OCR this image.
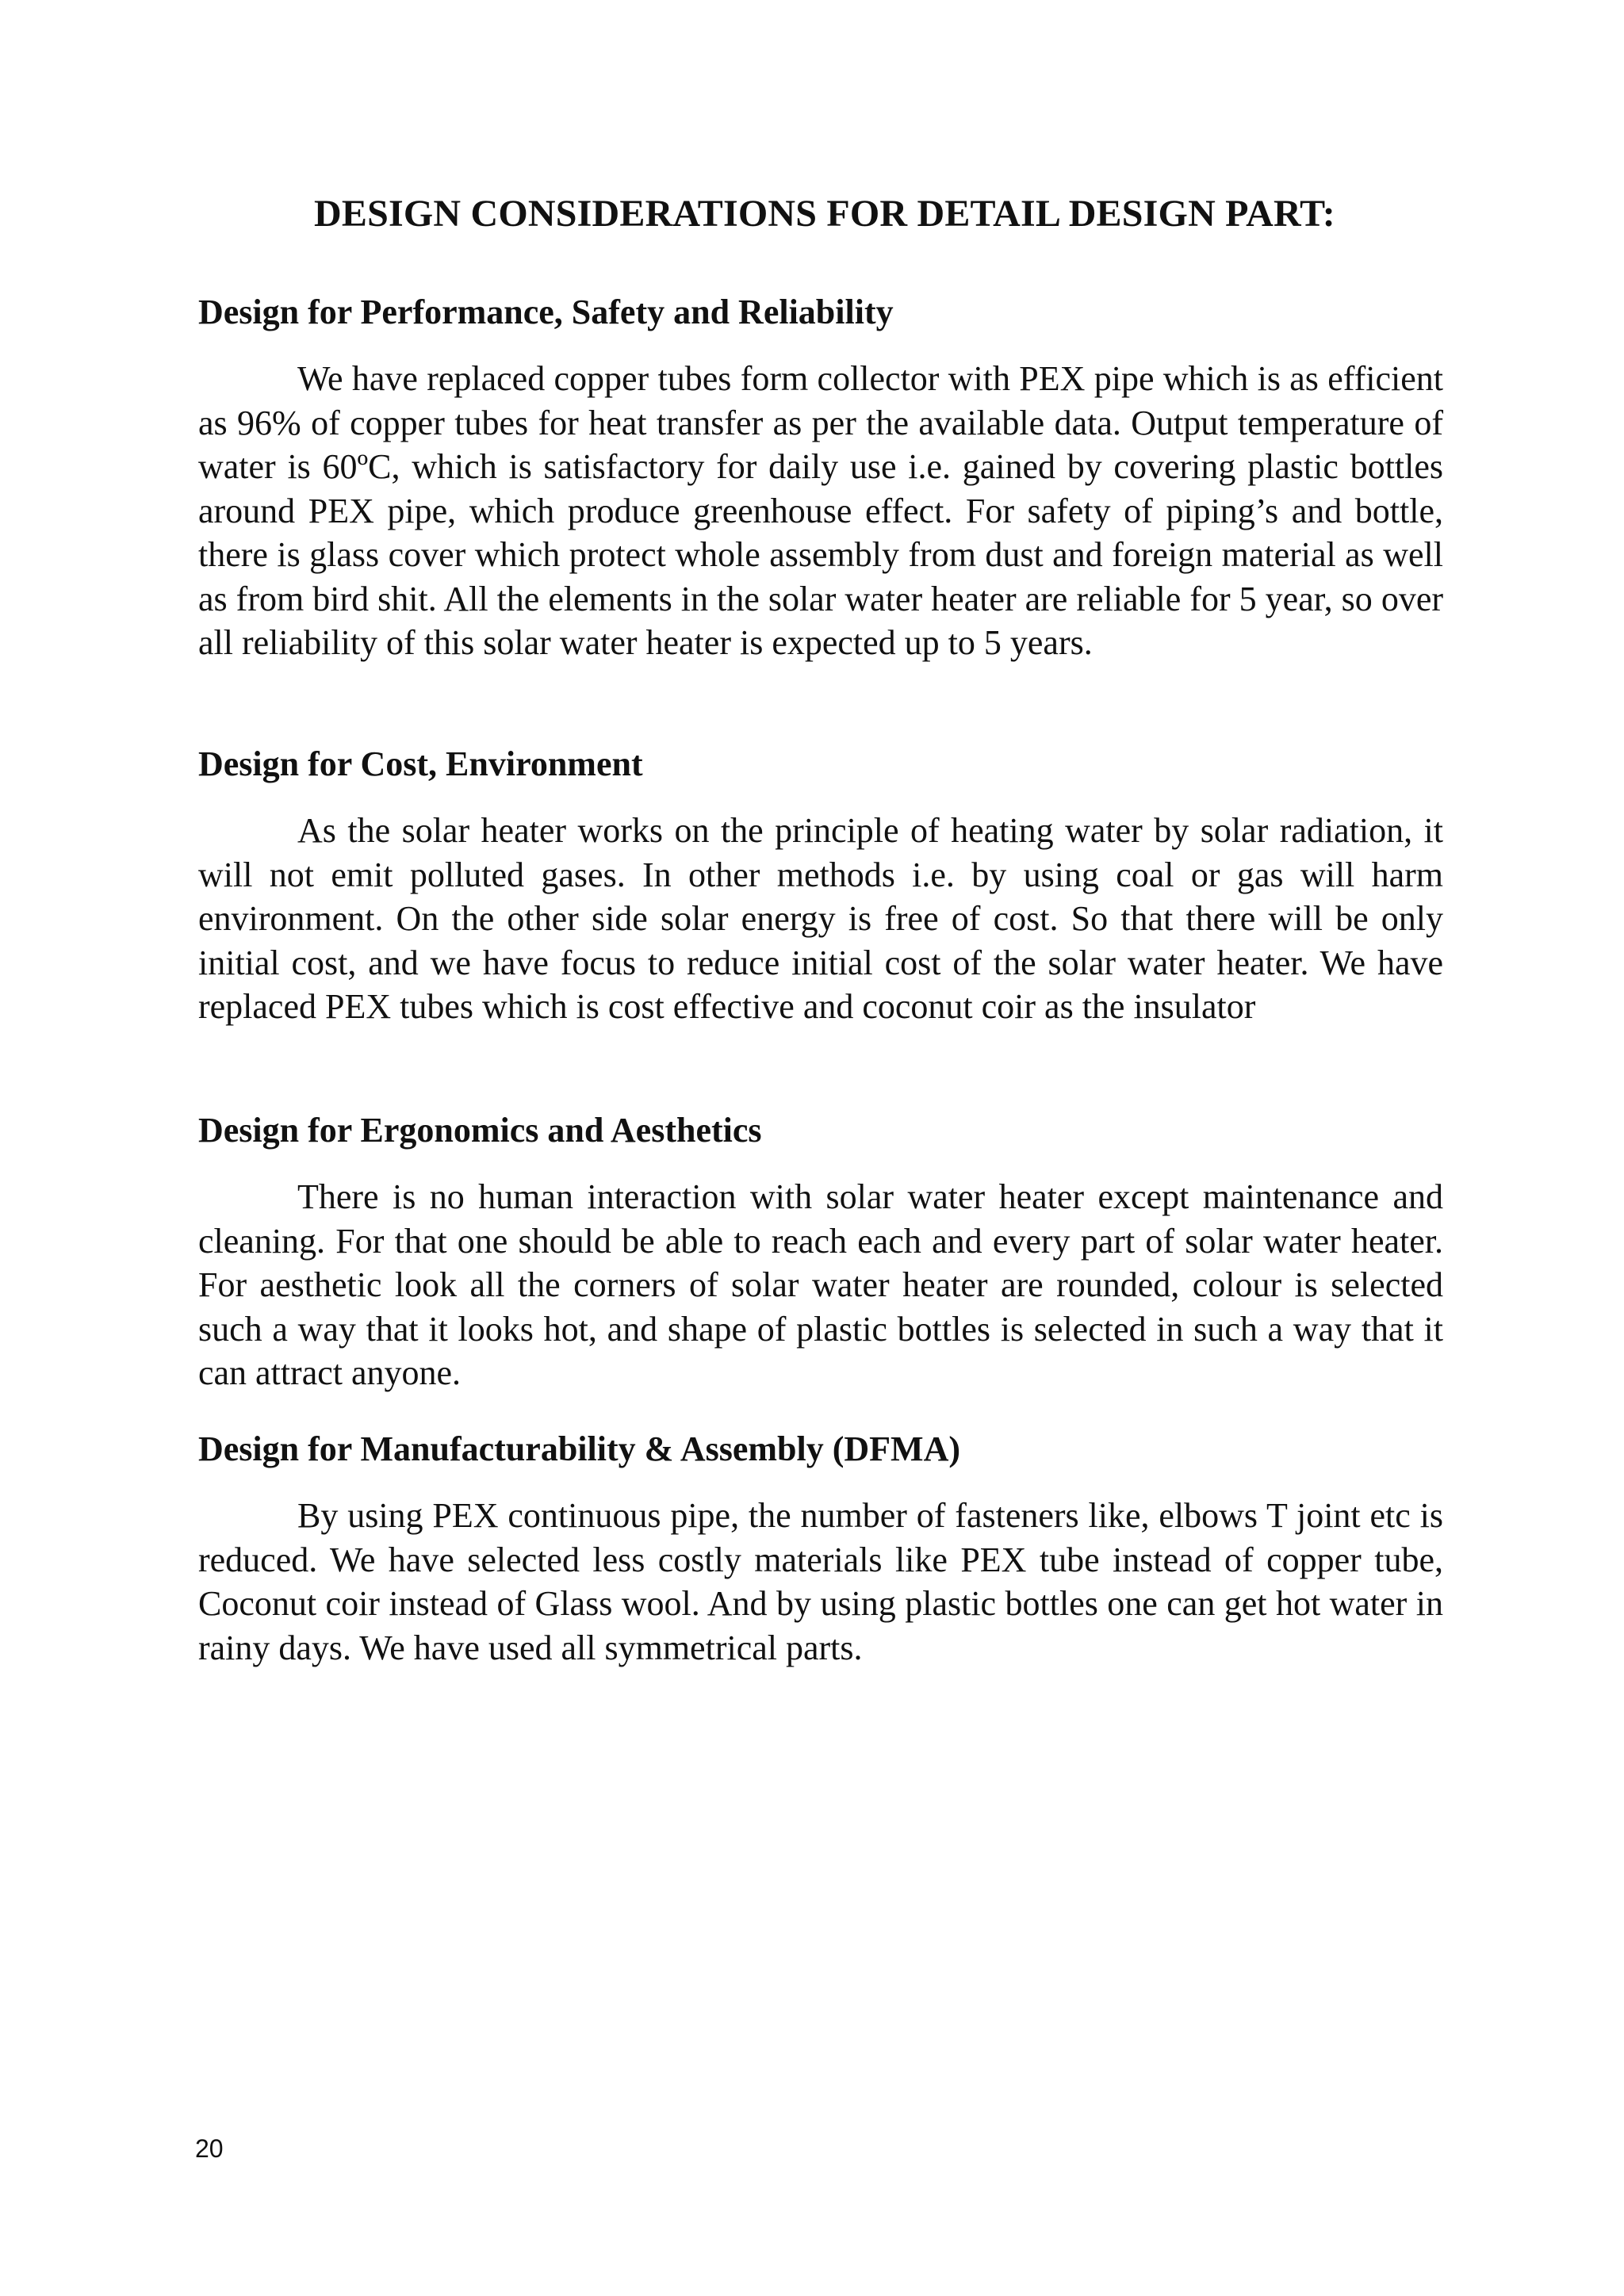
DESIGN CONSIDERATIONS FOR DETAIL DESIGN PART:
Design for Performance, Safety and Reliability

We have replaced copper tubes form collector with PEX pipe which is as efficient as 96% of copper tubes for heat transfer as per the available data. Output temperature of water is 60ºC, which is satisfactory for daily use i.e. gained by covering plastic bottles around PEX pipe, which produce greenhouse effect. For safety of piping’s and bottle, there is glass cover which protect whole assembly from dust and foreign material as well as from bird shit. All the elements in the solar water heater are reliable for 5 year, so over all reliability of this solar water heater is expected up to 5 years.

Design for Cost, Environment

As the solar heater works on the principle of heating water by solar radiation, it will not emit polluted gases. In other methods i.e. by using coal or gas will harm environment. On the other side solar energy is free of cost. So that there will be only initial cost, and we have focus to reduce initial cost of the solar water heater. We have replaced PEX tubes which is cost effective and coconut coir as the insulator

Design for Ergonomics and Aesthetics

There is no human interaction with solar water heater except maintenance and cleaning. For that one should be able to reach each and every part of solar water heater. For aesthetic look all the corners of solar water heater are rounded, colour is selected such a way that it looks hot, and shape of plastic bottles is selected in such a way that it can attract anyone.

Design for Manufacturability & Assembly (DFMA)

By using PEX continuous pipe, the number of fasteners like, elbows T joint etc is reduced. We have selected less costly materials like PEX tube instead of copper tube, Coconut coir instead of Glass wool. And by using plastic bottles one can get hot water in rainy days. We have used all symmetrical parts.

20
